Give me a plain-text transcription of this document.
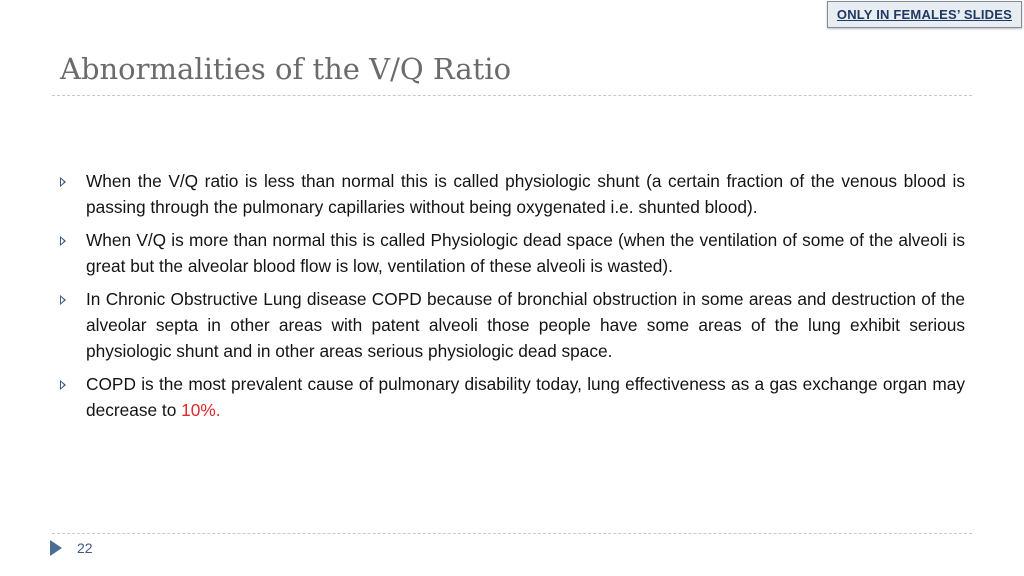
ONLY IN FEMALES’ SLIDES
Abnormalities of the V/Q Ratio
When the V/Q ratio is less than normal this is called physiologic shunt (a certain fraction of the venous blood is passing through the pulmonary capillaries without being oxygenated i.e. shunted blood).
When V/Q is more than normal this is called Physiologic dead space (when the ventilation of some of the alveoli is great but the alveolar blood flow is low, ventilation of these alveoli is wasted).
In Chronic Obstructive Lung disease COPD because of bronchial obstruction in some areas and destruction of the alveolar septa in other areas with patent alveoli those people have some areas of the lung exhibit serious physiologic shunt and in other areas serious physiologic dead space.
COPD is the most prevalent cause of pulmonary disability today, lung effectiveness as a gas exchange organ may decrease to 10%.
22
